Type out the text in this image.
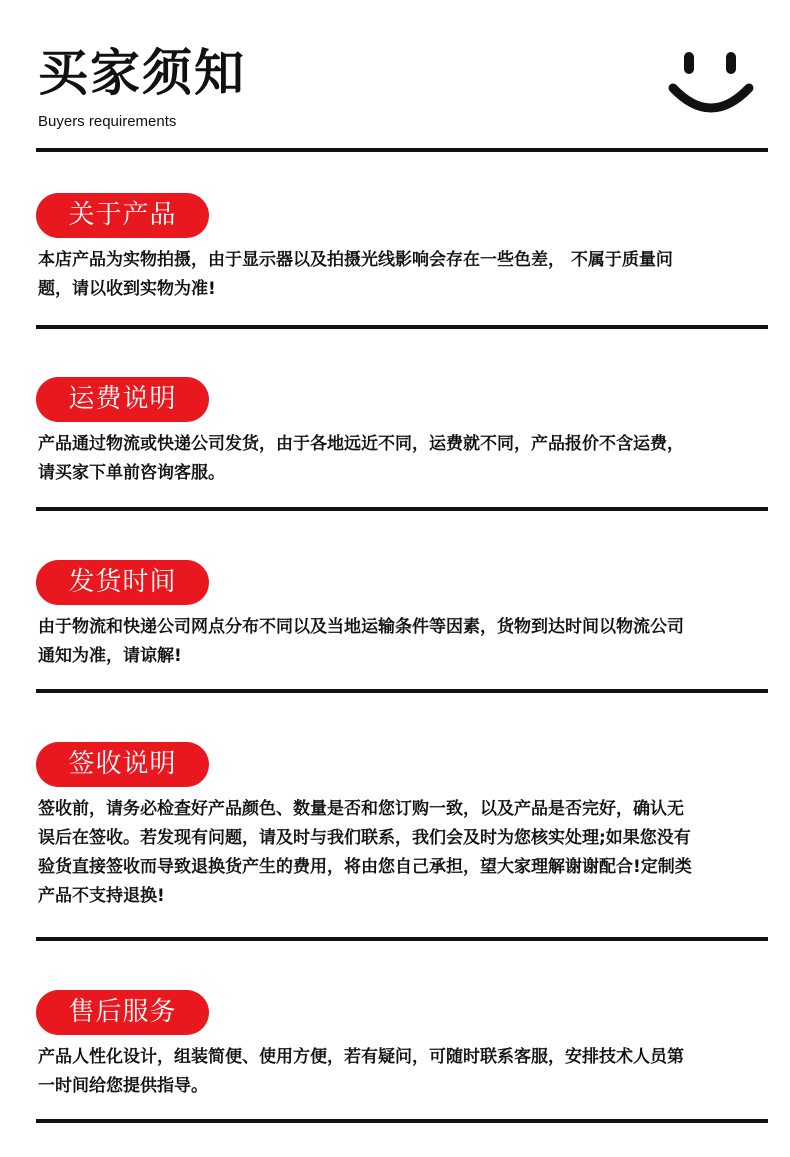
买家须知
Buyers requirements
关于产品
本店产品为实物拍摄，由于显示器以及拍摄光线影响会存在一些色差， 不属于质量问题，请以收到实物为准!
运费说明
产品通过物流或快递公司发货，由于各地远近不同，运费就不同，产品报价不含运费，请买家下单前咨询客服。
发货时间
由于物流和快递公司网点分布不同以及当地运输条件等因素，货物到达时间以物流公司通知为准，请谅解!
签收说明
签收前，请务必检查好产品颜色、数量是否和您订购一致，以及产品是否完好，确认无误后在签收。若发现有问题，请及时与我们联系，我们会及时为您核实处理;如果您没有验货直接签收而导致退换货产生的费用，将由您自己承担，望大家理解谢谢配合!定制类产品不支持退换!
售后服务
产品人性化设计，组装简便、使用方便，若有疑问，可随时联系客服，安排技术人员第一时间给您提供指导。
